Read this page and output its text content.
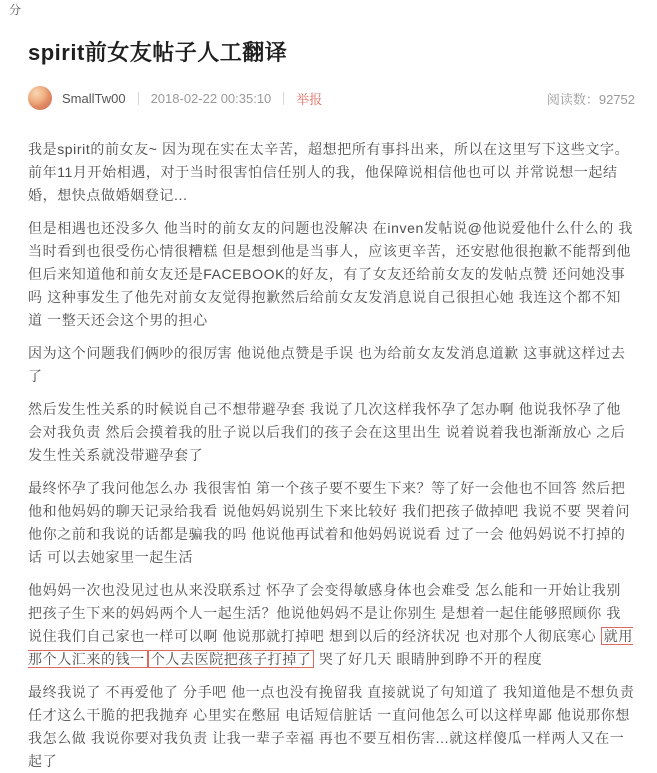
分
spirit前女友帖子人工翻译
SmallTw00 2018-02-22 00:35:10 举报	阅读数：92752

我是spirit的前女友~ 因为现在实在太辛苦，超想把所有事抖出来，所以在这里写下这些文字。前年11月开始相遇，对于当时很害怕信任别人的我，他保障说相信他也可以 并常说想一起结婚，想快点做婚姻登记...

但是相遇也还没多久 他当时的前女友的问题也没解决 在inven发帖说@他说爱他什么什么的 我当时看到也很受伤心情很糟糕 但是想到他是当事人，应该更辛苦，还安慰他很抱歉不能帮到他 但后来知道他和前女友还是FACEBOOK的好友，有了女友还给前女友的发帖点赞 还问她没事吗 这种事发生了他先对前女友觉得抱歉然后给前女友发消息说自己很担心她 我连这个都不知道 一整天还会这个男的担心

因为这个问题我们俩吵的很厉害 他说他点赞是手误 也为给前女友发消息道歉 这事就这样过去了

然后发生性关系的时候说自己不想带避孕套 我说了几次这样我怀孕了怎办啊 他说我怀孕了他会对我负责 然后会摸着我的肚子说以后我们的孩子会在这里出生 说着说着我也渐渐放心 之后发生性关系就没带避孕套了

最终怀孕了我问他怎么办 我很害怕 第一个孩子要不要生下来？等了好一会他也不回答 然后把他和他妈妈的聊天记录给我看 说他妈妈说别生下来比较好 我们把孩子做掉吧 我说不要 哭着问他你之前和我说的话都是骗我的吗 他说他再试着和他妈妈说说看 过了一会 他妈妈说不打掉的话 可以去她家里一起生活

他妈妈一次也没见过也从来没联系过 怀孕了会变得敏感身体也会难受 怎么能和一开始让我别把孩子生下来的妈妈两个人一起生活？他说他妈妈不是让你别生 是想着一起住能够照顾你 我说住我们自己家也一样可以啊 他说那就打掉吧 想到以后的经济状况 也对那个人彻底寒心 就用那个人汇来的钱一 个人去医院把孩子打掉了 哭了好几天 眼睛肿到睁不开的程度

最终我说了 不再爱他了 分手吧 他一点也没有挽留我 直接就说了句知道了 我知道他是不想负责任才这么干脆的把我抛弃 心里实在憋屈 电话短信脏话 一直问他怎么可以这样卑鄙 他说那你想我怎么做 我说你要对我负责 让我一辈子幸福 再也不要互相伤害...就这样傻瓜一样两人又在一起了
